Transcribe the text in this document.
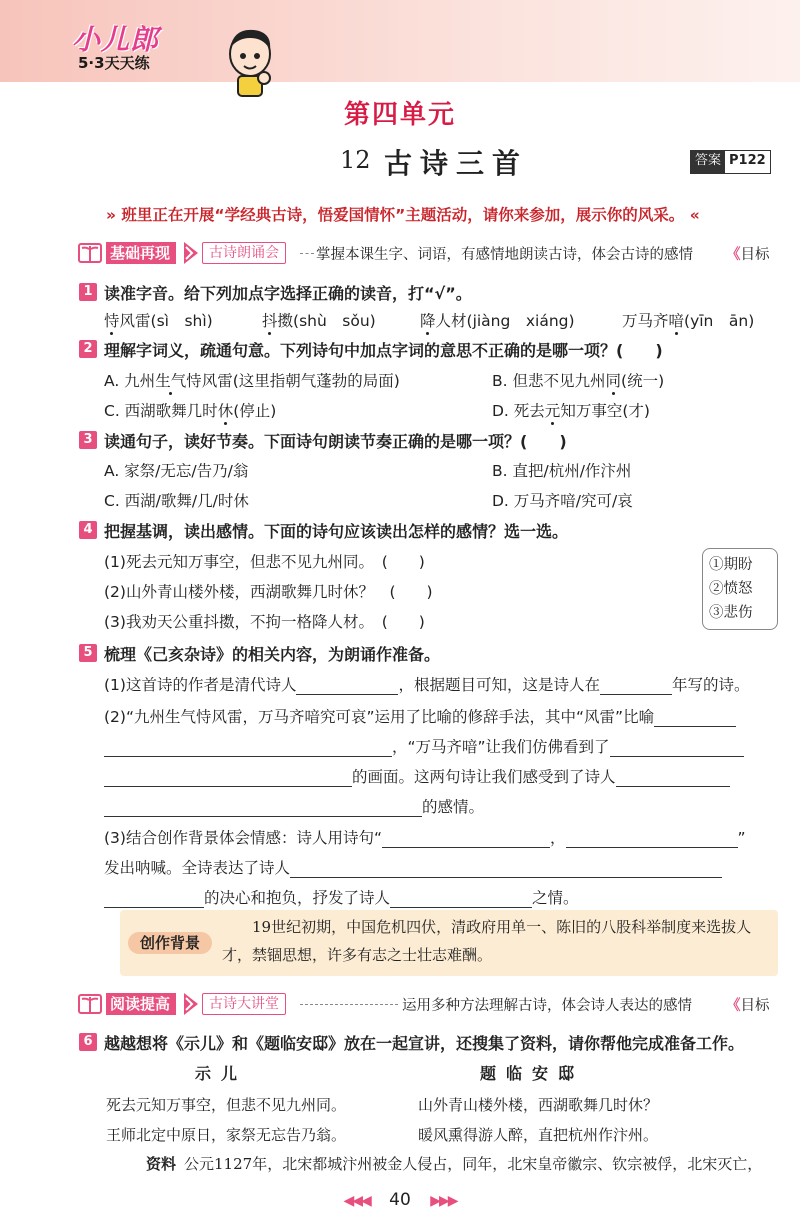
小儿郎
5·3天天练
第四单元
12 古诗三首	答案 P122
» 班里正在开展“学经典古诗，悟爱国情怀”主题活动，请你来参加，展示你的风采。 «
基础再现	古诗朗诵会	掌握本课生字、词语，有感情地朗读古诗，体会古诗的感情 《目标
1 读准字音。给下列加点字选择正确的读音，打“√”。
恃风雷(sì　shì)	抖擞(shù　sǒu)	降人材(jiàng　xiáng)	万马齐喑(yīn　ān)
2 理解字词义，疏通句意。下列诗句中加点字词的意思不正确的是哪一项？(　　)
A. 九州生气恃风雷(这里指朝气蓬勃的局面)	B. 但悲不见九州同(统一)
C. 西湖歌舞几时休(停止)	D. 死去元知万事空(才)
3 读通句子，读好节奏。下面诗句朗读节奏正确的是哪一项？(　　)
A. 家祭/无忘/告乃/翁	B. 直把/杭州/作汴州
C. 西湖/歌舞/几/时休	D. 万马齐喑/究可/哀
4 把握基调，读出感情。下面的诗句应该读出怎样的感情？选一选。
(1)死去元知万事空，但悲不见九州同。　(　　)
(2)山外青山楼外楼，西湖歌舞几时休？　(　　)
(3)我劝天公重抖擞，不拘一格降人材。　(　　)
①期盼
②愤怒
③悲伤
5 梳理《己亥杂诗》的相关内容，为朗诵作准备。
(1)这首诗的作者是清代诗人	，根据题目可知，这是诗人在	年写的诗。
(2)“九州生气恃风雷，万马齐喑究可哀”运用了比喻的修辞手法，其中“风雷”比喻
，“万马齐喑”让我们仿佛看到了
的画面。这两句诗让我们感受到了诗人
的感情。
(3)结合创作背景体会情感：诗人用诗句“	，	”
发出呐喊。全诗表达了诗人
的决心和抱负，抒发了诗人	之情。
创作背景
19世纪初期，中国危机四伏，清政府用单一、陈旧的八股科举制度来选拔人才，禁锢思想，许多有志之士壮志难酬。
阅读提高	古诗大讲堂	运用多种方法理解古诗，体会诗人表达的感情 《目标
6 越越想将《示儿》和《题临安邸》放在一起宣讲，还搜集了资料，请你帮他完成准备工作。
示儿	题临安邸
死去元知万事空，但悲不见九州同。	山外青山楼外楼，西湖歌舞几时休？
王师北定中原日，家祭无忘告乃翁。	暖风熏得游人醉，直把杭州作汴州。
资料 公元1127年，北宋都城汴州被金人侵占，同年，北宋皇帝徽宗、钦宗被俘，北宋灭亡，
◀◀◀ 40 ▶▶▶
